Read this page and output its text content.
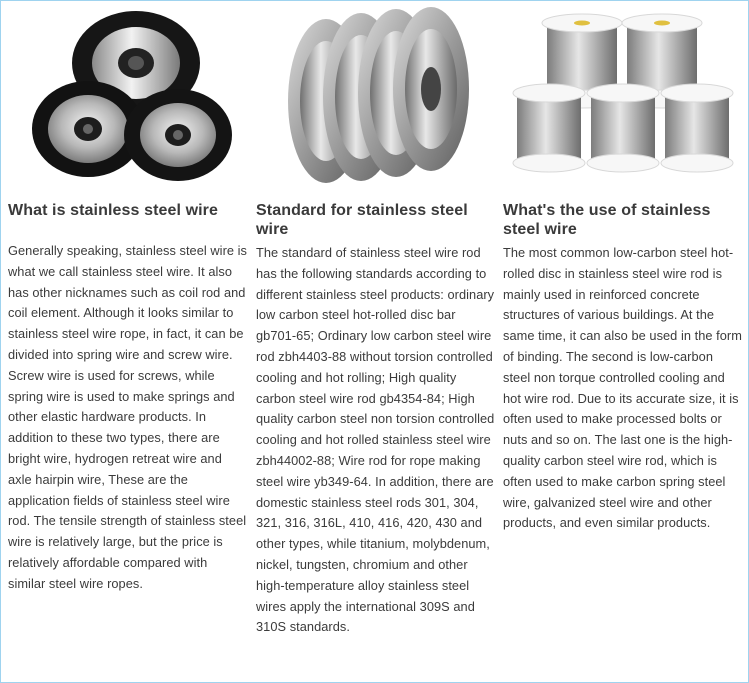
What is stainless steel wire

Generally speaking, stainless steel wire is what we call stainless steel wire. It also has other nicknames such as coil rod and coil element. Although it looks similar to stainless steel wire rope, in fact, it can be divided into spring wire and screw wire. Screw wire is used for screws, while spring wire is used to make springs and other elastic hardware products. In addition to these two types, there are bright wire, hydrogen retreat wire and axle hairpin wire, These are the application fields of stainless steel wire rod. The tensile strength of stainless steel wire is relatively large, but the price is relatively affordable compared with similar steel wire ropes.

Standard for stainless steel wire

The standard of stainless steel wire rod has the following standards according to different stainless steel products: ordinary low carbon steel hot-rolled disc bar gb701-65; Ordinary low carbon steel wire rod zbh4403-88 without torsion controlled cooling and hot rolling; High quality carbon steel wire rod gb4354-84; High quality carbon steel non torsion controlled cooling and hot rolled stainless steel wire zbh44002-88; Wire rod for rope making steel wire yb349-64. In addition, there are domestic stainless steel rods 301, 304, 321, 316, 316L, 410, 416, 420, 430 and other types, while titanium, molybdenum, nickel, tungsten, chromium and other high-temperature alloy stainless steel wires apply the international 309S and 310S standards.

What's the use of stainless steel wire

The most common low-carbon steel hot-rolled disc in stainless steel wire rod is mainly used in reinforced concrete structures of various buildings. At the same time, it can also be used in the form of binding. The second is low-carbon steel non torque controlled cooling and hot wire rod. Due to its accurate size, it is often used to make processed bolts or nuts and so on. The last one is the high-quality carbon steel wire rod, which is often used to make carbon spring steel wire, galvanized steel wire and other products, and even similar products.
